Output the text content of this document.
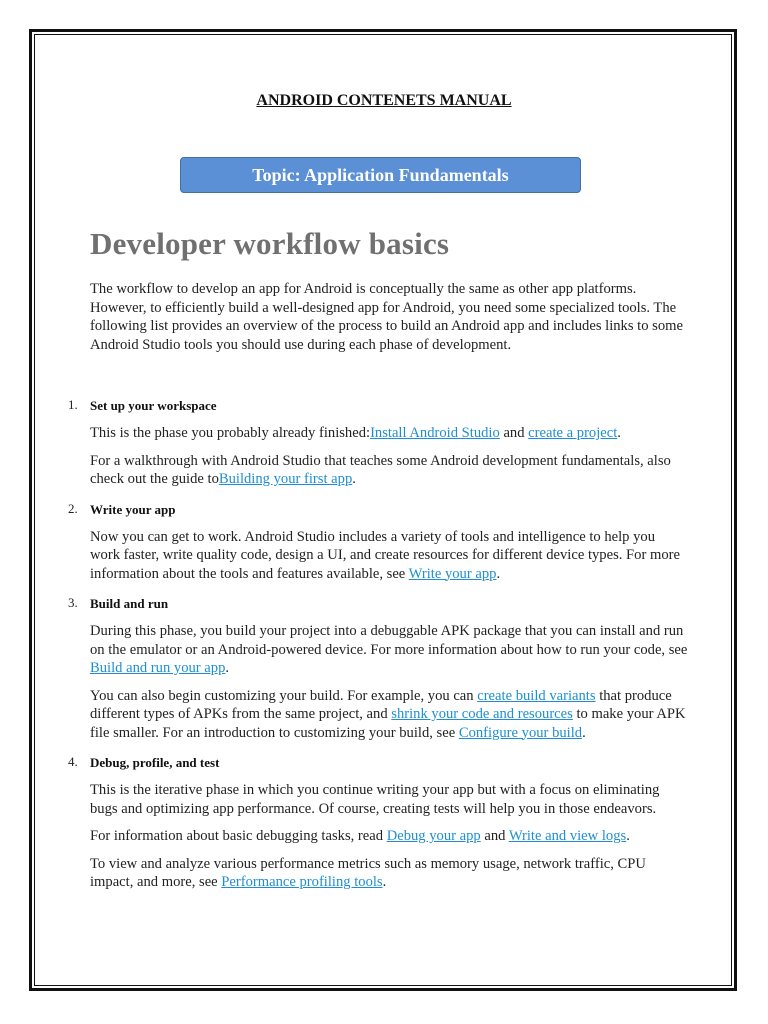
ANDROID CONTENETS MANUAL
Topic: Application Fundamentals
Developer workflow basics

The workflow to develop an app for Android is conceptually the same as other app platforms. However, to efficiently build a well-designed app for Android, you need some specialized tools. The following list provides an overview of the process to build an Android app and includes links to some Android Studio tools you should use during each phase of development.

1. Set up your workspace

This is the phase you probably already finished:Install Android Studio and create a project.

For a walkthrough with Android Studio that teaches some Android development fundamentals, also check out the guide toBuilding your first app.

2. Write your app

Now you can get to work. Android Studio includes a variety of tools and intelligence to help you work faster, write quality code, design a UI, and create resources for different device types. For more information about the tools and features available, see Write your app.

3. Build and run

During this phase, you build your project into a debuggable APK package that you can install and run on the emulator or an Android-powered device. For more information about how to run your code, see Build and run your app.

You can also begin customizing your build. For example, you can create build variants that produce different types of APKs from the same project, and shrink your code and resources to make your APK file smaller. For an introduction to customizing your build, see Configure your build.

4. Debug, profile, and test

This is the iterative phase in which you continue writing your app but with a focus on eliminating bugs and optimizing app performance. Of course, creating tests will help you in those endeavors.

For information about basic debugging tasks, read Debug your app and Write and view logs.

To view and analyze various performance metrics such as memory usage, network traffic, CPU impact, and more, see Performance profiling tools.
